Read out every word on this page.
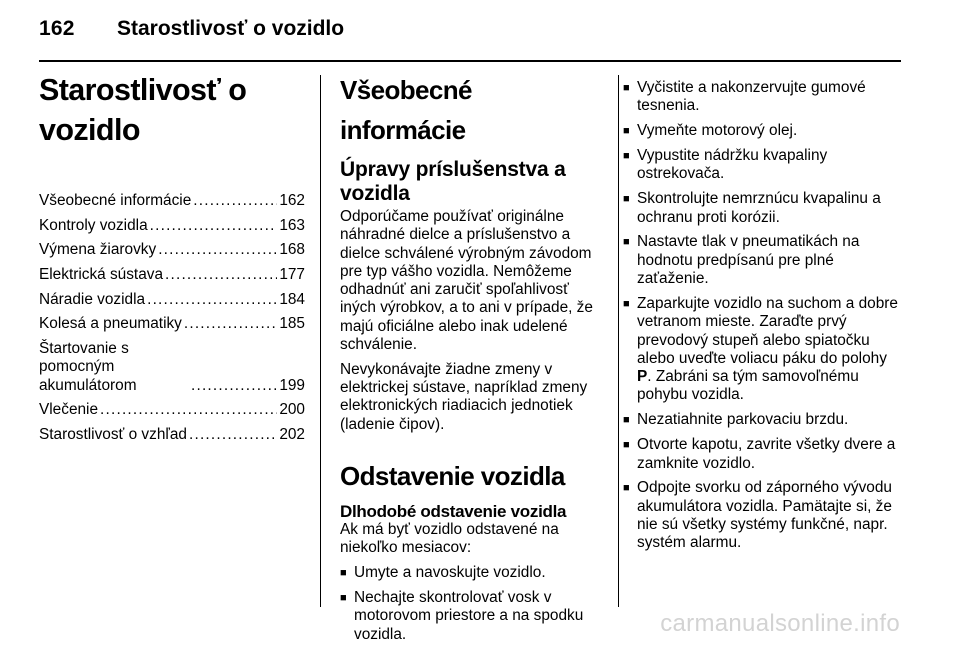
162 Starostlivosť o vozidlo
Starostlivosť o vozidlo
Všeobecné informácie .....	162
Kontroly vozidla .....	163
Výmena žiarovky .....	168
Elektrická sústava .....	177
Náradie vozidla .....	184
Kolesá a pneumatiky .....	185
Štartovanie s pomocným akumulátorom .....	199
Vlečenie .....	200
Starostlivosť o vzhľad .....	202
Všeobecné informácie
Úpravy príslušenstva a vozidla

Odporúčame používať originálne náhradné dielce a príslušenstvo a dielce schválené výrobným závodom pre typ vášho vozidla. Nemôžeme odhadnúť ani zaručiť spoľahlivosť iných výrobkov, a to ani v prípade, že majú oficiálne alebo inak udelené schválenie.

Nevykonávajte žiadne zmeny v elektrickej sústave, napríklad zmeny elektronických riadiacich jednotiek (ladenie čipov).

Odstavenie vozidla
Dlhodobé odstavenie vozidla

Ak má byť vozidlo odstavené na niekoľko mesiacov:

■ Umyte a navoskujte vozidlo.
■ Nechajte skontrolovať vosk v motorovom priestore a na spodku vozidla.
■ Vyčistite a nakonzervujte gumové tesnenia.
■ Vymeňte motorový olej.
■ Vypustite nádržku kvapaliny ostrekovača.
■ Skontrolujte nemrznúcu kvapalinu a ochranu proti korózii.
■ Nastavte tlak v pneumatikách na hodnotu predpísanú pre plné zaťaženie.
■ Zaparkujte vozidlo na suchom a dobre vetranom mieste. Zaraďte prvý prevodový stupeň alebo spiatočku alebo uveďte voliacu páku do polohy P. Zabráni sa tým samovoľnému pohybu vozidla.
■ Nezatiahnite parkovaciu brzdu.
■ Otvorte kapotu, zavrite všetky dvere a zamknite vozidlo.
■ Odpojte svorku od záporného vývodu akumulátora vozidla. Pamätajte si, že nie sú všetky systémy funkčné, napr. systém alarmu.
carmanualsonline.info
